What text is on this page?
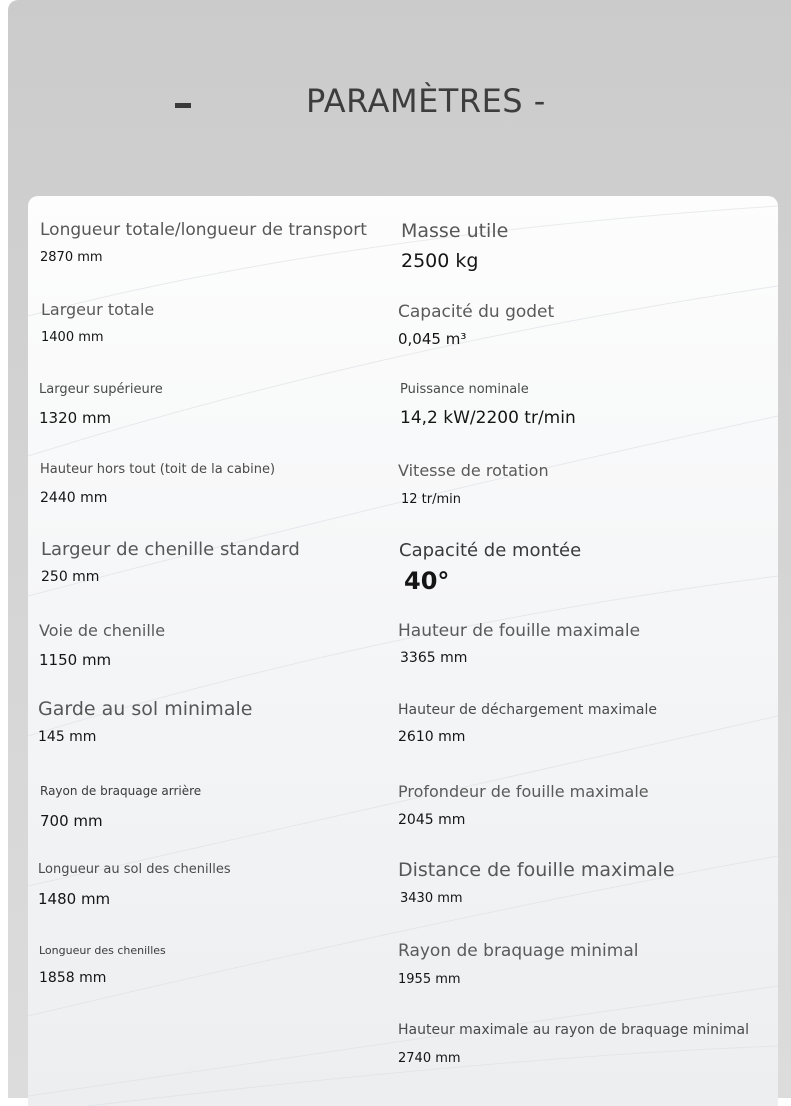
PARAMÈTRES -
Longueur totale/longueur de transport
2870 mm
Largeur totale
1400 mm
Largeur supérieure
1320 mm
Hauteur hors tout (toit de la cabine)
2440 mm
Largeur de chenille standard
250 mm
Voie de chenille
1150 mm
Garde au sol minimale
145 mm
Rayon de braquage arrière
700 mm
Longueur au sol des chenilles
1480 mm
Longueur des chenilles
1858 mm
Masse utile
2500 kg
Capacité du godet
0,045 m³
Puissance nominale
14,2 kW/2200 tr/min
Vitesse de rotation
12 tr/min
Capacité de montée
40°
Hauteur de fouille maximale
3365 mm
Hauteur de déchargement maximale
2610 mm
Profondeur de fouille maximale
2045 mm
Distance de fouille maximale
3430 mm
Rayon de braquage minimal
1955 mm
Hauteur maximale au rayon de braquage minimal
2740 mm
